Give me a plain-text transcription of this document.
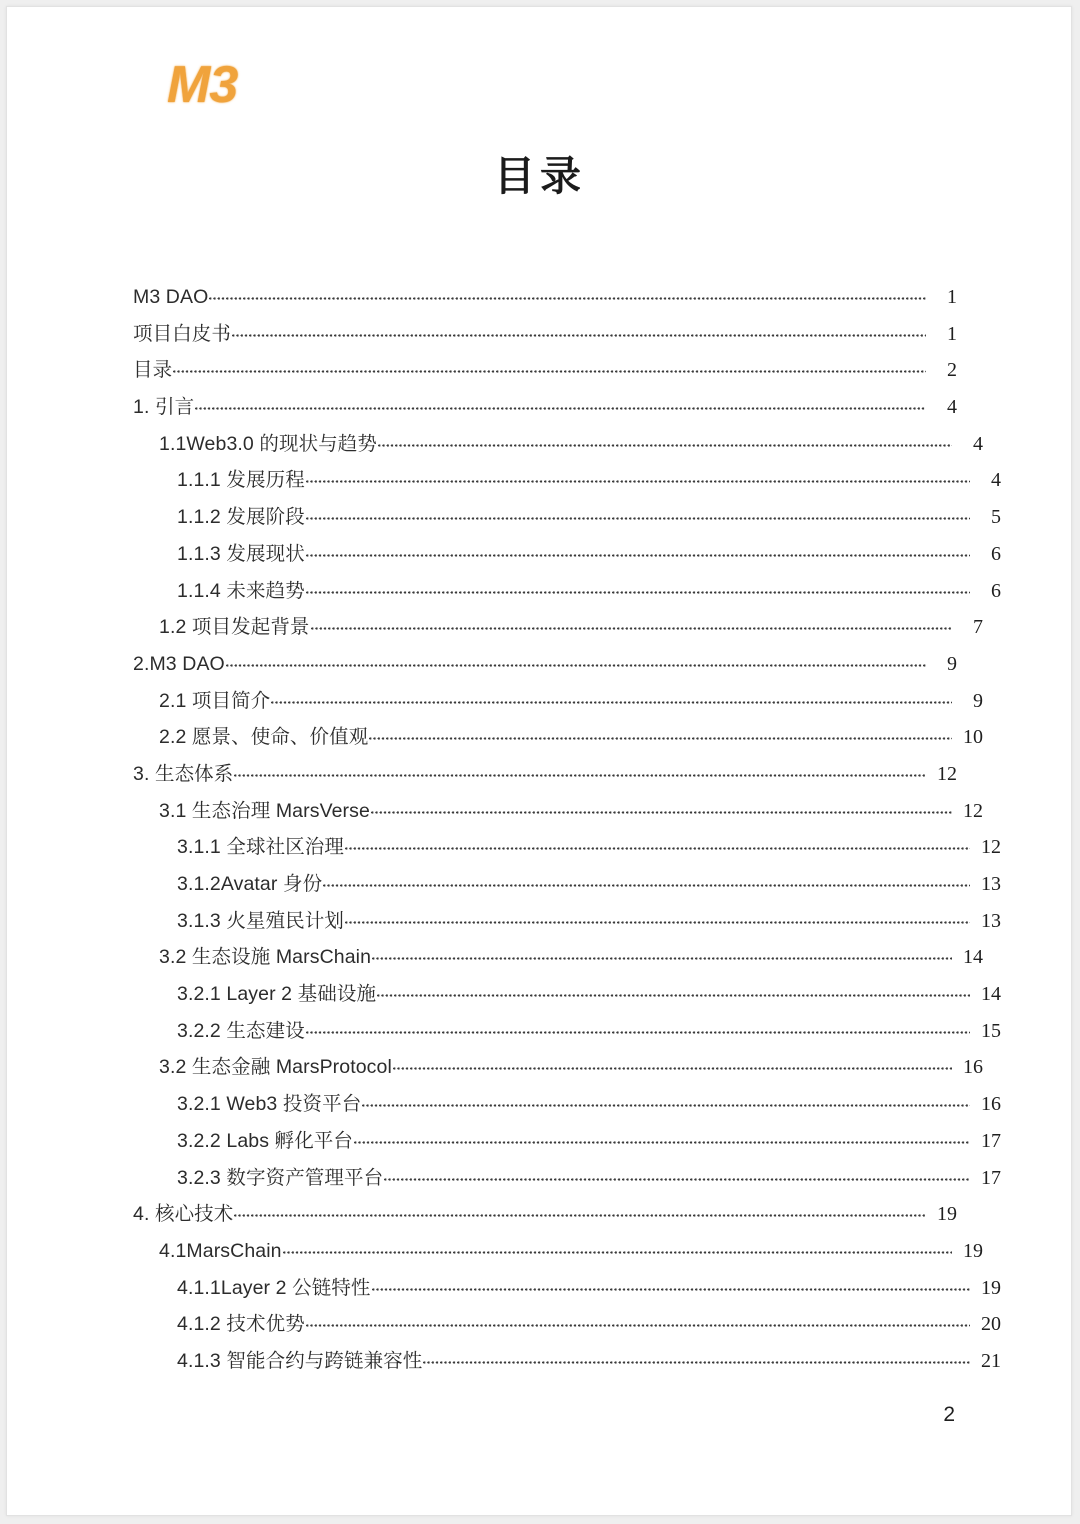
M3
目录
M3 DAO	1
项目白皮书	1
目录	2
1. 引言	4
1.1Web3.0 的现状与趋势	4
1.1.1 发展历程	4
1.1.2 发展阶段	5
1.1.3 发展现状	6
1.1.4 未来趋势	6
1.2 项目发起背景	7
2.M3 DAO	9
2.1 项目简介	9
2.2 愿景、使命、价值观	10
3. 生态体系	12
3.1 生态治理 MarsVerse	12
3.1.1 全球社区治理	12
3.1.2Avatar 身份	13
3.1.3 火星殖民计划	13
3.2 生态设施 MarsChain	14
3.2.1 Layer 2 基础设施	14
3.2.2 生态建设	15
3.2 生态金融 MarsProtocol	16
3.2.1 Web3 投资平台	16
3.2.2 Labs 孵化平台	17
3.2.3 数字资产管理平台	17
4. 核心技术	19
4.1MarsChain	19
4.1.1Layer 2 公链特性	19
4.1.2 技术优势	20
4.1.3 智能合约与跨链兼容性	21
2
